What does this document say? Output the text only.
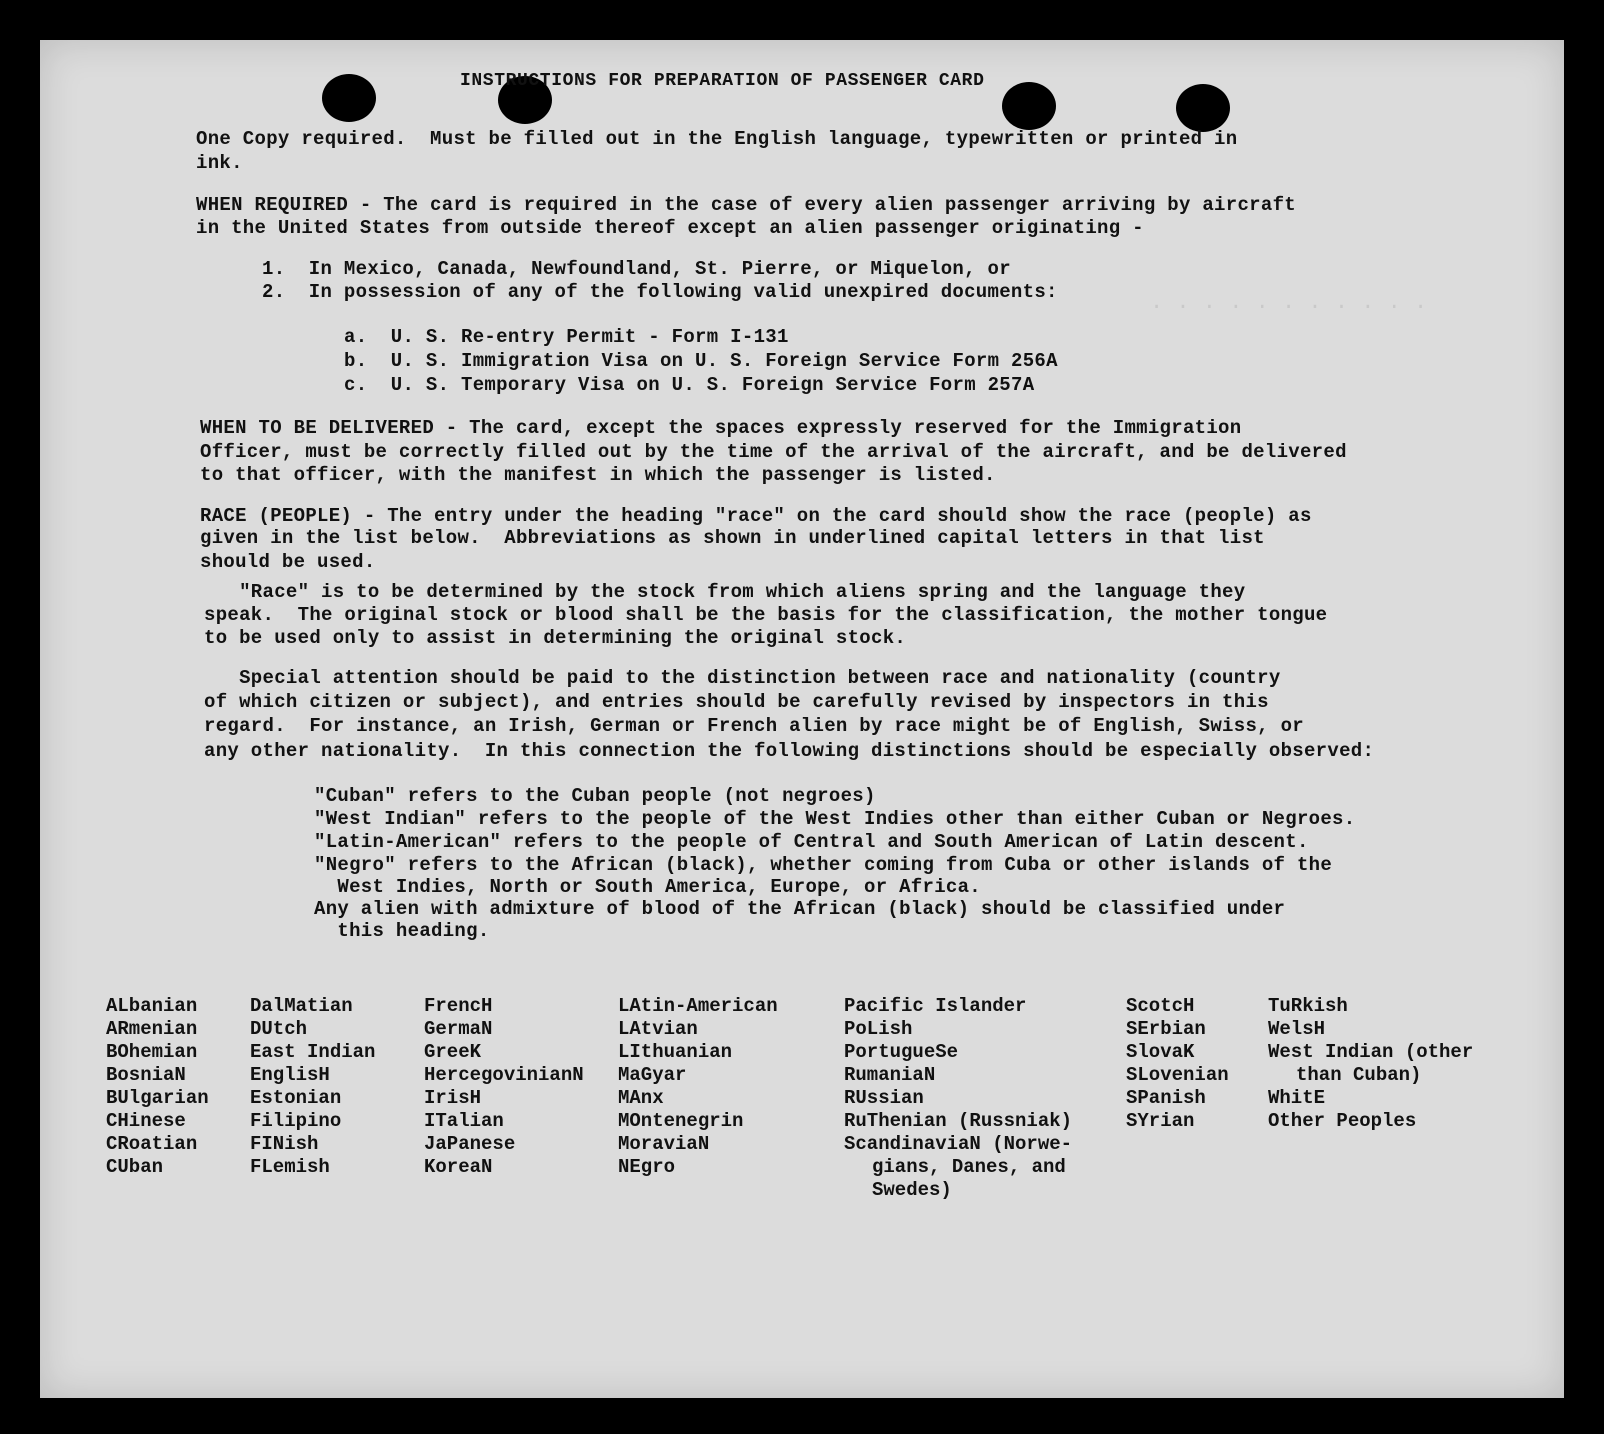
. . . . . . . . . . .
INSTRUCTIONS FOR PREPARATION OF PASSENGER CARD
One Copy required.  Must be filled out in the English language, typewritten or printed in
ink.
WHEN REQUIRED - The card is required in the case of every alien passenger arriving by aircraft
in the United States from outside thereof except an alien passenger originating -
1.  In Mexico, Canada, Newfoundland, St. Pierre, or Miquelon, or
2.  In possession of any of the following valid unexpired documents:
a.  U. S. Re-entry Permit - Form I-131
b.  U. S. Immigration Visa on U. S. Foreign Service Form 256A
c.  U. S. Temporary Visa on U. S. Foreign Service Form 257A
WHEN TO BE DELIVERED - The card, except the spaces expressly reserved for the Immigration
Officer, must be correctly filled out by the time of the arrival of the aircraft, and be delivered
to that officer, with the manifest in which the passenger is listed.
RACE (PEOPLE) - The entry under the heading "race" on the card should show the race (people) as
given in the list below.  Abbreviations as shown in underlined capital letters in that list
should be used.
"Race" is to be determined by the stock from which aliens spring and the language they
speak.  The original stock or blood shall be the basis for the classification, the mother tongue
to be used only to assist in determining the original stock.
Special attention should be paid to the distinction between race and nationality (country
of which citizen or subject), and entries should be carefully revised by inspectors in this
regard.  For instance, an Irish, German or French alien by race might be of English, Swiss, or
any other nationality.  In this connection the following distinctions should be especially observed:
"Cuban" refers to the Cuban people (not negroes)
"West Indian" refers to the people of the West Indies other than either Cuban or Negroes.
"Latin-American" refers to the people of Central and South American of Latin descent.
"Negro" refers to the African (black), whether coming from Cuba or other islands of the
West Indies, North or South America, Europe, or Africa.
Any alien with admixture of blood of the African (black) should be classified under
this heading.
ALbanian
ARmenian
BOhemian
BosniaN
BUlgarian
CHinese
CRoatian
CUban
DalMatian
DUtch
East Indian
EnglisH
Estonian
Filipino
FINish
FLemish
FrencH
GermaN
GreeK
HercegovinianN
IrisH
ITalian
JaPanese
KoreaN
LAtin-American
LAtvian
LIthuanian
MaGyar
MAnx
MOntenegrin
MoraviaN
NEgro
Pacific Islander
PoLish
PortugueSe
RumaniaN
RUssian
RuThenian (Russniak)
ScandinaviaN (Norwe-
gians, Danes, and
Swedes)
ScotcH
SErbian
SlovaK
SLovenian
SPanish
SYrian
TuRkish
WelsH
West Indian (other
than Cuban)
WhitE
Other Peoples
